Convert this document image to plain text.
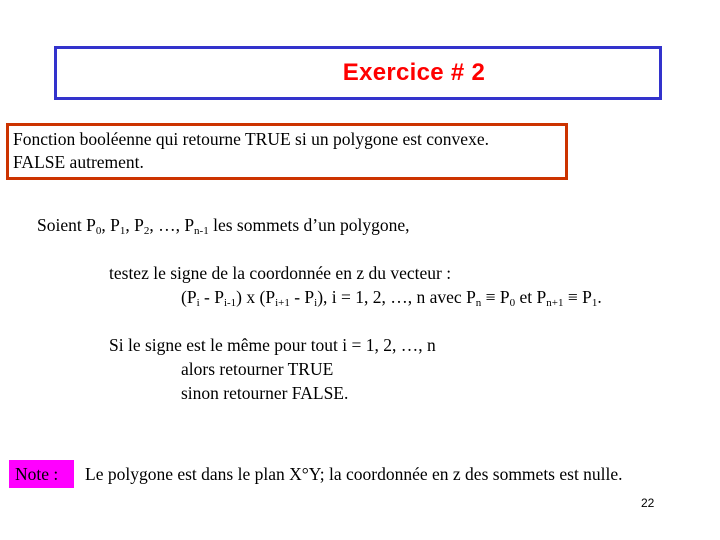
Exercice # 2
Fonction booléenne qui retourne TRUE si un polygone est convexe.
FALSE autrement.
Soient $P_0$, $P_1$, $P_2$, …, $P_{n-1}$ les sommets d’un polygone,
testez le signe de la coordonnée en z du vecteur :
$(P_i - P_{i-1})$ x $(P_{i+1} - P_i)$, i = 1, 2, …, n avec $P_n \equiv P_0$ et $P_{n+1} \equiv P_1$.
Si le signe est le même pour tout i = 1, 2, …, n
alors retourner TRUE
sinon retourner FALSE.
Note :	Le polygone est dans le plan X°Y; la coordonnée en z des sommets est nulle.
22
